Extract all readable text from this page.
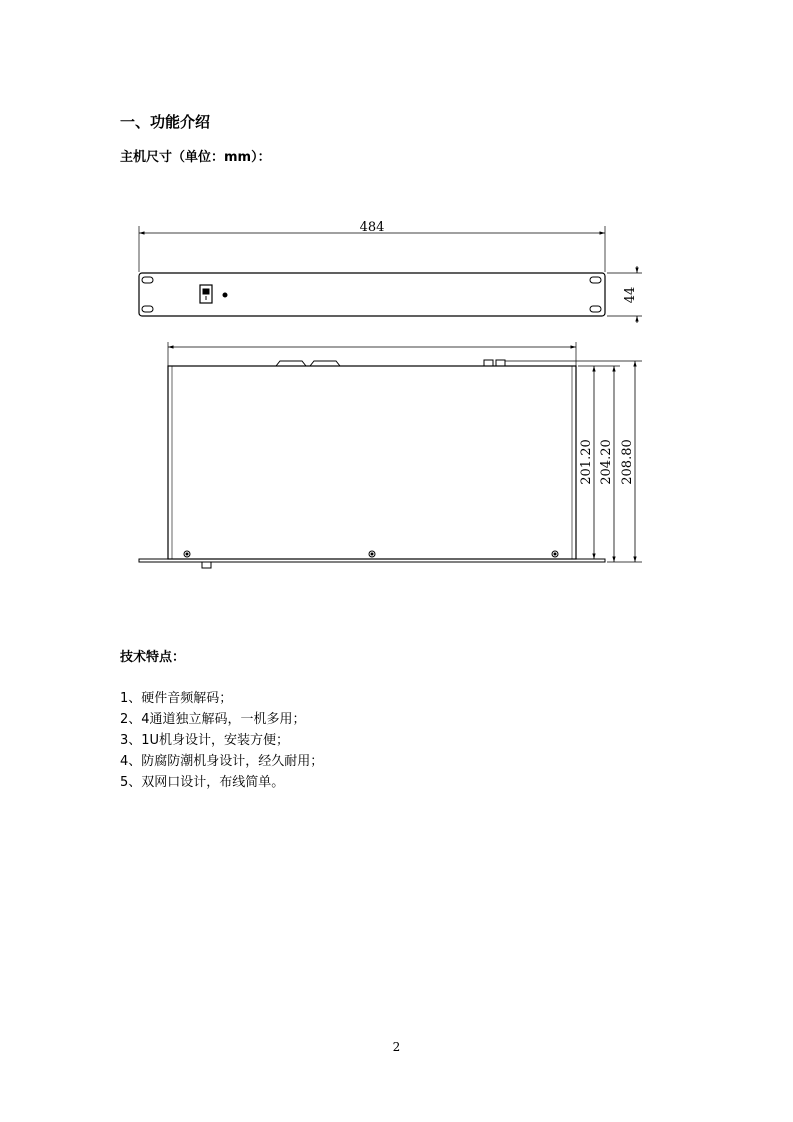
一、功能介绍
主机尺寸（单位：mm）：
484
44
201.20 204.20 208.80
技术特点：
1、硬件音频解码；
2、4通道独立解码，一机多用；
3、1U机身设计，安装方便；
4、防腐防潮机身设计，经久耐用；
5、双网口设计，布线简单。
2
